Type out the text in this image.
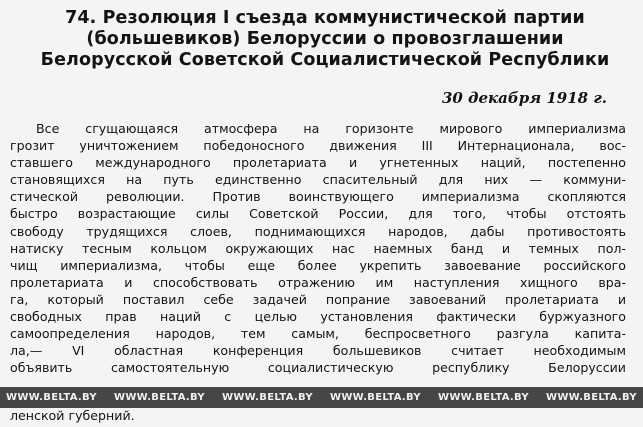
74. Резолюция I съезда коммунистической партии
(большевиков) Белоруссии о провозглашении
Белорусской Советской Социалистической Республики
30 декабря 1918 г.
Все сгущающаяся атмосфера на горизонте мирового империализма
грозит уничтожением победоносного движения III Интернационала, вос-
ставшего международного пролетариата и угнетенных наций, постепенно
становящихся на путь единственно спасительный для них — коммуни-
стической революции. Против воинствующего империализма скопляются
быстро возрастающие силы Советской России, для того, чтобы отстоять
свободу трудящихся слоев, поднимающихся народов, дабы противостоять
натиску тесным кольцом окружающих нас наемных банд и темных пол-
чищ империализма, чтобы еще более укрепить завоевание российского
пролетариата и способствовать отражению им наступления хищного вра-
га, который поставил себе задачей попрание завоеваний пролетариата и
свободных прав наций с целью установления фактически буржуазного
самоопределения народов, тем самым, беспросветного разгула капита-
ла,— VI областная конференция большевиков считает необходимым
объявить самостоятельную социалистическую республику Белоруссии
WWW.BELTA.BY WWW.BELTA.BY WWW.BELTA.BY WWW.BELTA.BY WWW.BELTA.BY WWW.BELTA.BY
ленской губерний.
